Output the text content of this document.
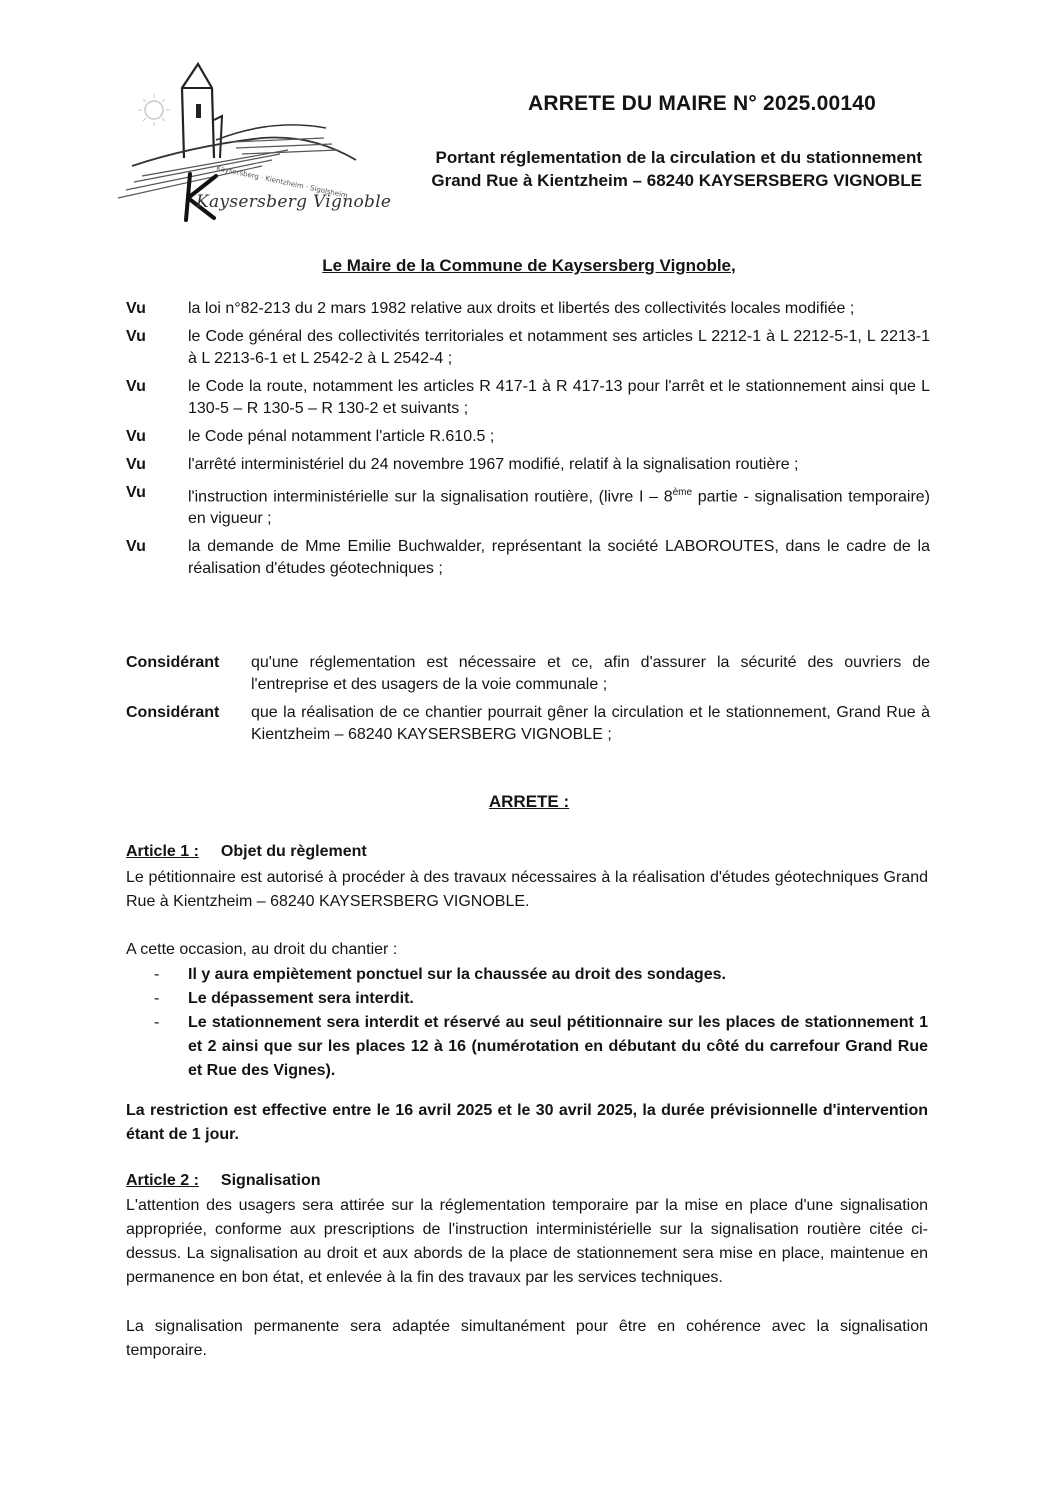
Kaysersberg · Kientzheim · Sigolsheim
Kaysersberg Vignoble
ARRETE DU MAIRE N° 2025.00140
Portant réglementation de la circulation et du stationnement
Grand Rue à Kientzheim – 68240 KAYSERSBERG VIGNOBLE
Le Maire de la Commune de Kaysersberg Vignoble,
Vu	la loi n°82-213 du 2 mars 1982 relative aux droits et libertés des collectivités locales modifiée ;
Vu	le Code général des collectivités territoriales et notamment ses articles L 2212-1 à L 2212-5-1, L 2213-1 à L 2213-6-1 et L 2542-2 à L 2542-4 ;
Vu	le Code la route, notamment les articles R 417-1 à R 417-13 pour l'arrêt et le stationnement ainsi que L 130-5 – R 130-5 – R 130-2 et suivants ;
Vu	le Code pénal notamment l'article R.610.5 ;
Vu	l'arrêté interministériel du 24 novembre 1967 modifié, relatif à la signalisation routière ;
Vu	l'instruction interministérielle sur la signalisation routière, (livre I – 8ème partie - signalisation temporaire) en vigueur ;
Vu	la demande de Mme Emilie Buchwalder, représentant la société LABOROUTES, dans le cadre de la réalisation d'études géotechniques ;
Considérant	qu'une réglementation est nécessaire et ce, afin d'assurer la sécurité des ouvriers de l'entreprise et des usagers de la voie communale ;
Considérant	que la réalisation de ce chantier pourrait gêner la circulation et le stationnement, Grand Rue à Kientzheim – 68240 KAYSERSBERG VIGNOBLE ;
ARRETE :
Article 1 : Objet du règlement
Le pétitionnaire est autorisé à procéder à des travaux nécessaires à la réalisation d'études géotechniques Grand Rue à Kientzheim – 68240 KAYSERSBERG VIGNOBLE.
A cette occasion, au droit du chantier :
-	Il y aura empiètement ponctuel sur la chaussée au droit des sondages.
-	Le dépassement sera interdit.
-	Le stationnement sera interdit et réservé au seul pétitionnaire sur les places de stationnement 1 et 2 ainsi que sur les places 12 à 16 (numérotation en débutant du côté du carrefour Grand Rue et Rue des Vignes).
La restriction est effective entre le 16 avril 2025 et le 30 avril 2025, la durée prévisionnelle d'intervention étant de 1 jour.
Article 2 : Signalisation
L'attention des usagers sera attirée sur la réglementation temporaire par la mise en place d'une signalisation appropriée, conforme aux prescriptions de l'instruction interministérielle sur la signalisation routière citée ci-dessus. La signalisation au droit et aux abords de la place de stationnement sera mise en place, maintenue en permanence en bon état, et enlevée à la fin des travaux par les services techniques.
La signalisation permanente sera adaptée simultanément pour être en cohérence avec la signalisation temporaire.
